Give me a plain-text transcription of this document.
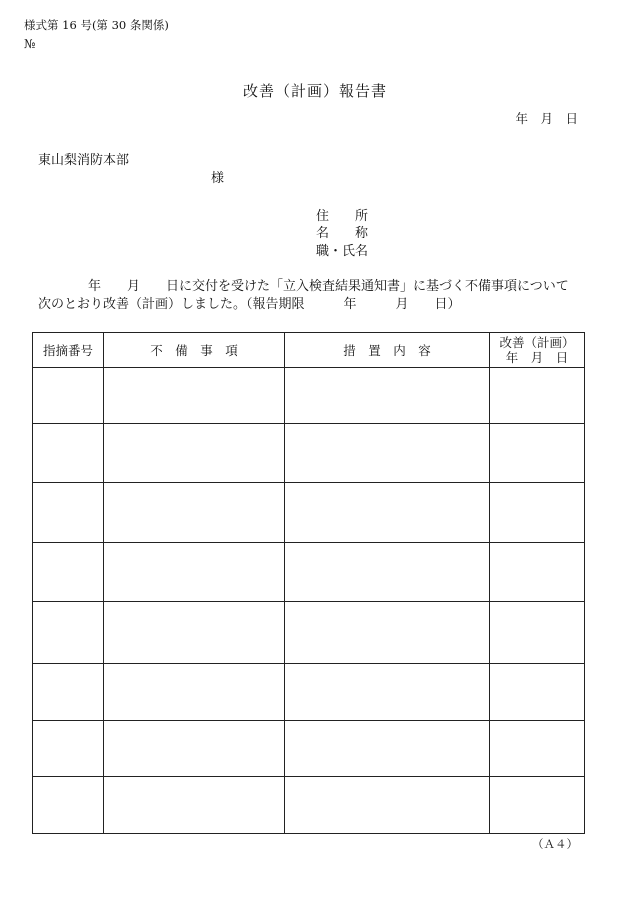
様式第 16 号(第 30 条関係)
№
改善（計画）報告書
年　月　日
東山梨消防本部
様
住　　所
名　　称
職・氏名
年　　月　　日に交付を受けた「立入検査結果通知書」に基づく不備事項について
次のとおり改善（計画）しました。（報告期限　　　年　　　月　　日）
指摘番号	不　備　事　項	措　置　内　容	改善（計画）
年　月　日

（Ａ４）
